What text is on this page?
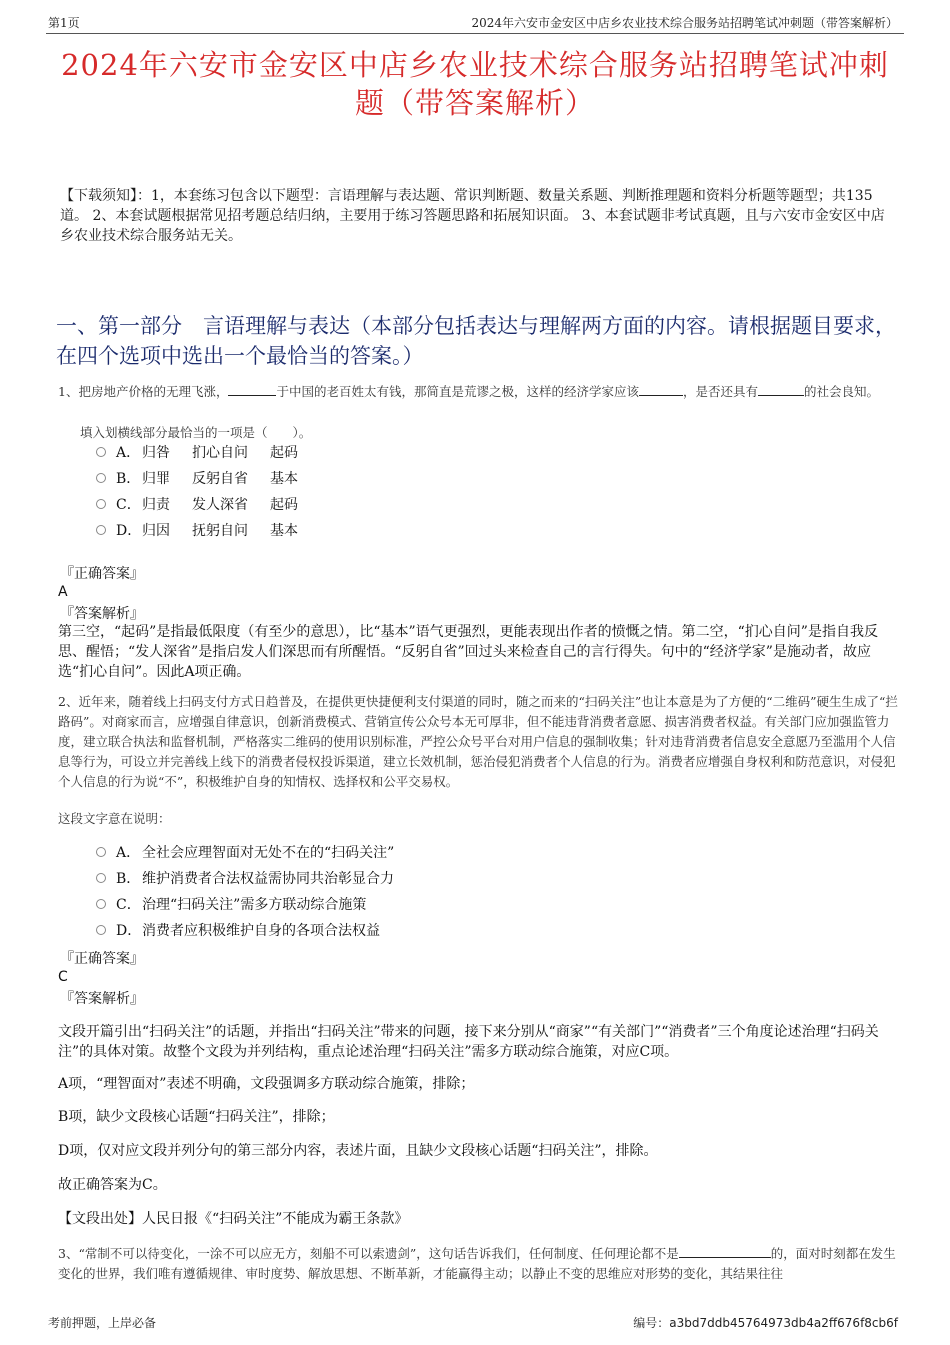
第1页	2024年六安市金安区中店乡农业技术综合服务站招聘笔试冲刺题（带答案解析）
2024年六安市金安区中店乡农业技术综合服务站招聘笔试冲刺
题（带答案解析）
【下载须知】：1，本套练习包含以下题型：言语理解与表达题、常识判断题、数量关系题、判断推理题和资料分析题等题型；共135道。 2、本套试题根据常见招考题总结归纳，主要用于练习答题思路和拓展知识面。 3、本套试题非考试真题，且与六安市金安区中店乡农业技术综合服务站无关。
一、第一部分　言语理解与表达（本部分包括表达与理解两方面的内容。请根据题目要求，在四个选项中选出一个最恰当的答案。）
1、把房地产价格的无理飞涨，	于中国的老百姓太有钱，那简直是荒谬之极，这样的经济学家应该	，是否还具有	的社会良知。
填入划横线部分最恰当的一项是（　　）。
A． 归咎 扪心自问 起码
B． 归罪 反躬自省 基本
C．归责 发人深省 起码
D．归因 抚躬自问 基本
『正确答案』
A
『答案解析』
第三空，“起码”是指最低限度（有至少的意思），比“基本”语气更强烈，更能表现出作者的愤慨之情。第二空，“扪心自问”是指自我反思、醒悟；“发人深省”是指启发人们深思而有所醒悟。“反躬自省”回过头来检查自己的言行得失。句中的“经济学家”是施动者，故应选“扪心自问”。因此A项正确。
2、近年来，随着线上扫码支付方式日趋普及，在提供更快捷便利支付渠道的同时，随之而来的“扫码关注”也让本意是为了方便的“二维码”硬生生成了“拦路码”。对商家而言，应增强自律意识，创新消费模式、营销宣传公众号本无可厚非，但不能违背消费者意愿、损害消费者权益。有关部门应加强监管力度，建立联合执法和监督机制，严格落实二维码的使用识别标准，严控公众号平台对用户信息的强制收集；针对违背消费者信息安全意愿乃至滥用个人信息等行为，可设立并完善线上线下的消费者侵权投诉渠道，建立长效机制，惩治侵犯消费者个人信息的行为。消费者应增强自身权利和防范意识，对侵犯个人信息的行为说“不”，积极维护自身的知情权、选择权和公平交易权。
这段文字意在说明：
A． 全社会应理智面对无处不在的“扫码关注”
B． 维护消费者合法权益需协同共治彰显合力
C．治理“扫码关注”需多方联动综合施策
D．消费者应积极维护自身的各项合法权益
『正确答案』
C
『答案解析』
文段开篇引出“扫码关注”的话题，并指出“扫码关注”带来的问题，接下来分别从“商家”“有关部门”“消费者”三个角度论述治理“扫码关注”的具体对策。故整个文段为并列结构，重点论述治理“扫码关注”需多方联动综合施策，对应C项。
A项，“理智面对”表述不明确，文段强调多方联动综合施策，排除；
B项，缺少文段核心话题“扫码关注”，排除；
D项，仅对应文段并列分句的第三部分内容，表述片面，且缺少文段核心话题“扫码关注”，排除。
故正确答案为C。
【文段出处】人民日报《“扫码关注”不能成为霸王条款》
3、“常制不可以待变化，一涂不可以应无方，刻船不可以索遗剑”，这句话告诉我们，任何制度、任何理论都不是	的，面对时刻都在发生变化的世界，我们唯有遵循规律、审时度势、解放思想、不断革新，才能赢得主动；以静止不变的思维应对形势的变化，其结果往往
考前押题，上岸必备	编号：a3bd7ddb45764973db4a2ff676f8cb6f
